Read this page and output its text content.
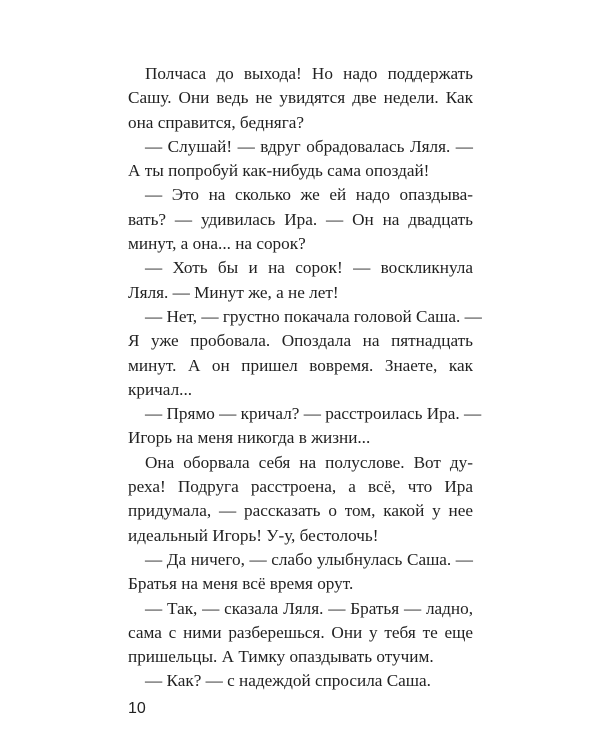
Полчаса до выхода! Но надо поддержать
Сашу. Они ведь не увидятся две недели. Как
она справится, бедняга?
— Слушай! — вдруг обрадовалась Ляля. —
А ты попробуй как-нибудь сама опоздай!
— Это на сколько же ей надо опаздыва-
вать? — удивилась Ира. — Он на двадцать
минут, а она... на сорок?
— Хоть бы и на сорок! — воскликнула
Ляля. — Минут же, а не лет!
— Нет, — грустно покачала головой Саша. —
Я уже пробовала. Опоздала на пятнадцать
минут. А он пришел вовремя. Знаете, как
кричал...
— Прямо — кричал? — расстроилась Ира. —
Игорь на меня никогда в жизни...
Она оборвала себя на полуслове. Вот ду-
реха! Подруга расстроена, а всё, что Ира
придумала, — рассказать о том, какой у нее
идеальный Игорь! У-у, бестолочь!
— Да ничего, — слабо улыбнулась Саша. —
Братья на меня всё время орут.
— Так, — сказала Ляля. — Братья — ладно,
сама с ними разберешься. Они у тебя те еще
пришельцы. А Тимку опаздывать отучим.
— Как? — с надеждой спросила Саша.
10
